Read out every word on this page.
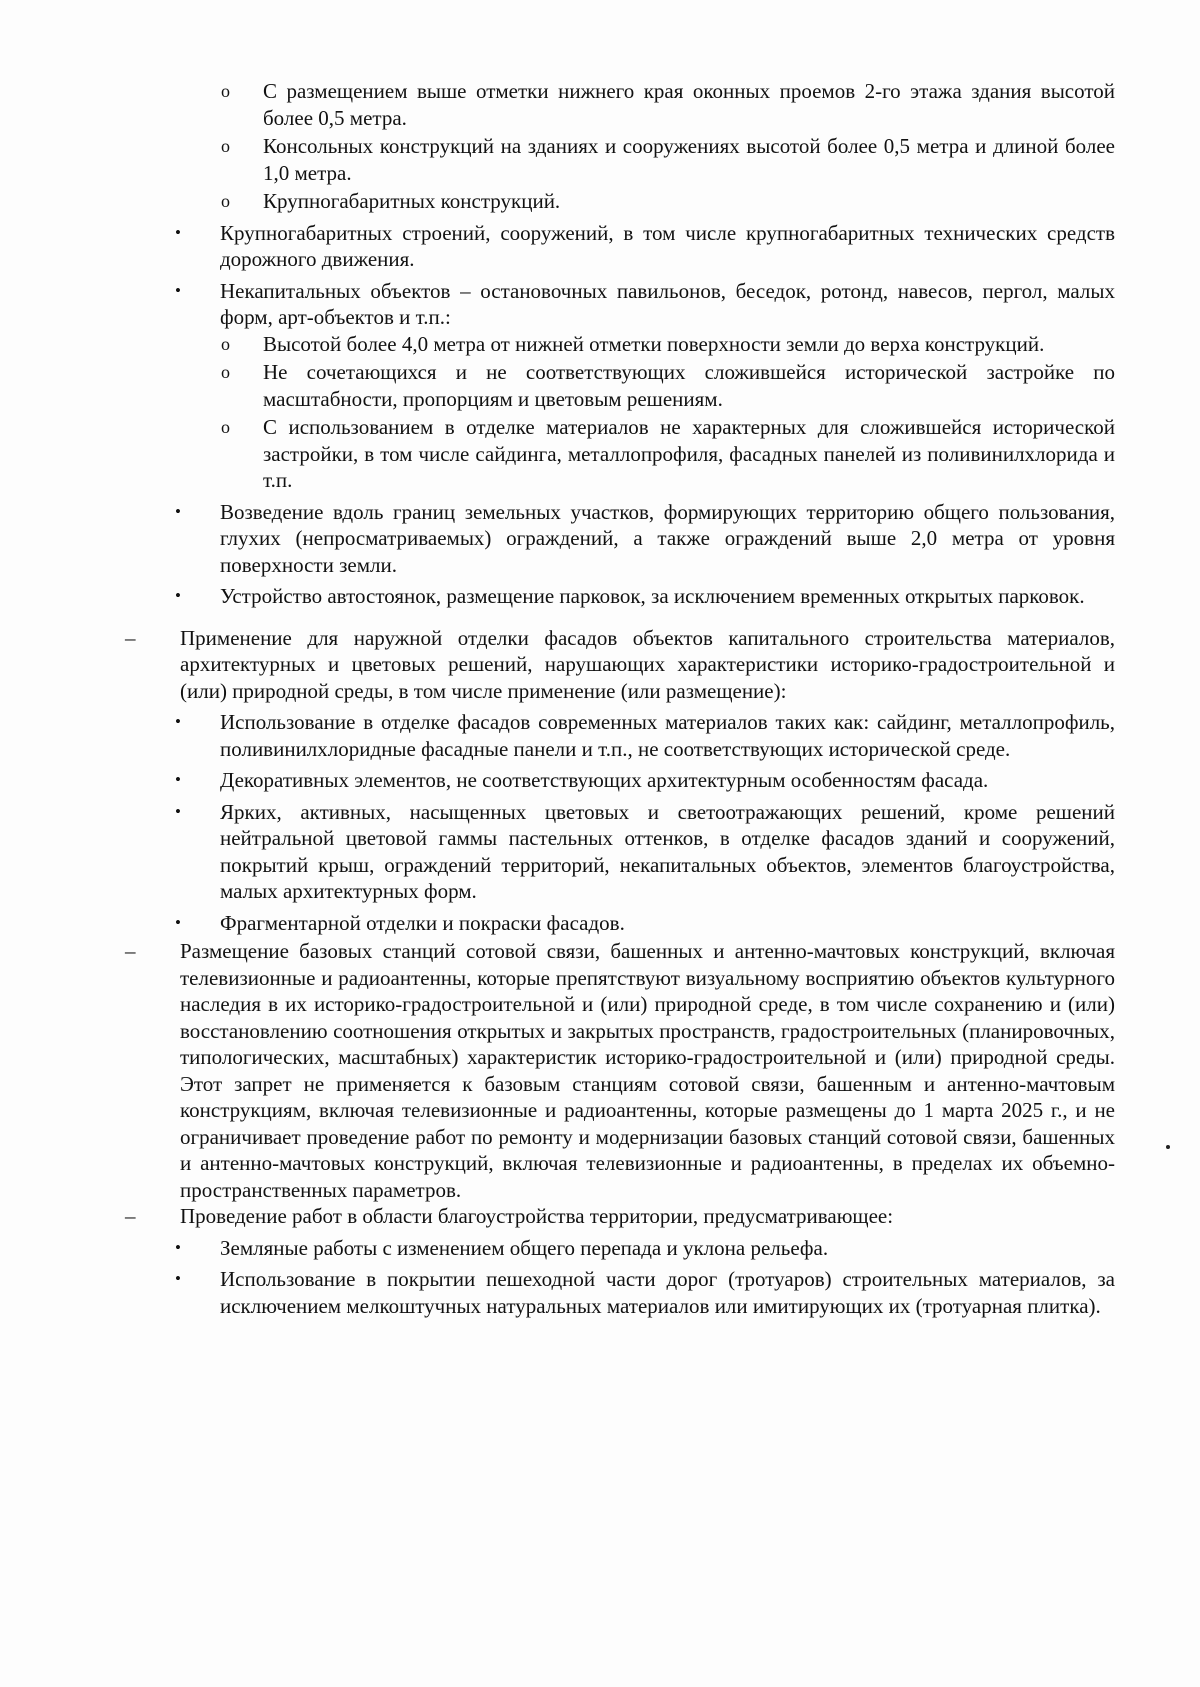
o	С размещением выше отметки нижнего края оконных проемов 2-го этажа здания высотой более 0,5 метра.

o	Консольных конструкций на зданиях и сооружениях высотой более 0,5 метра и длиной более 1,0 метра.

o	Крупногабаритных конструкций.

•	Крупногабаритных строений, сооружений, в том числе крупногабаритных технических средств дорожного движения.

•	Некапитальных объектов – остановочных павильонов, беседок, ротонд, навесов, пергол, малых форм, арт-объектов и т.п.:

o	Высотой более 4,0 метра от нижней отметки поверхности земли до верха конструкций.

o	Не сочетающихся и не соответствующих сложившейся исторической застройке по масштабности, пропорциям и цветовым решениям.

o	С использованием в отделке материалов не характерных для сложившейся исторической застройки, в том числе сайдинга, металлопрофиля, фасадных панелей из поливинилхлорида и т.п.

•	Возведение вдоль границ земельных участков, формирующих территорию общего пользования, глухих (непросматриваемых) ограждений, а также ограждений выше 2,0 метра от уровня поверхности земли.

•	Устройство автостоянок, размещение парковок, за исключением временных открытых парковок.

– Применение для наружной отделки фасадов объектов капитального строительства материалов, архитектурных и цветовых решений, нарушающих характеристики историко-градостроительной и (или) природной среды, в том числе применение (или размещение):

•	Использование в отделке фасадов современных материалов таких как: сайдинг, металлопрофиль, поливинилхлоридные фасадные панели и т.п., не соответствующих исторической среде.

•	Декоративных элементов, не соответствующих архитектурным особенностям фасада.

•	Ярких, активных, насыщенных цветовых и светоотражающих решений, кроме решений нейтральной цветовой гаммы пастельных оттенков, в отделке фасадов зданий и сооружений, покрытий крыш, ограждений территорий, некапитальных объектов, элементов благоустройства, малых архитектурных форм.

•	Фрагментарной отделки и покраски фасадов.

– Размещение базовых станций сотовой связи, башенных и антенно-мачтовых конструкций, включая телевизионные и радиоантенны, которые препятствуют визуальному восприятию объектов культурного наследия в их историко-градостроительной и (или) природной среде, в том числе сохранению и (или) восстановлению соотношения открытых и закрытых пространств, градостроительных (планировочных, типологических, масштабных) характеристик историко-градостроительной и (или) природной среды. Этот запрет не применяется к базовым станциям сотовой связи, башенным и антенно-мачтовым конструкциям, включая телевизионные и радиоантенны, которые размещены до 1 марта 2025 г., и не ограничивает проведение работ по ремонту и модернизации базовых станций сотовой связи, башенных и антенно-мачтовых конструкций, включая телевизионные и радиоантенны, в пределах их объемно-пространственных параметров.

– Проведение работ в области благоустройства территории, предусматривающее:

•	Земляные работы с изменением общего перепада и уклона рельефа.

•	Использование в покрытии пешеходной части дорог (тротуаров) строительных материалов, за исключением мелкоштучных натуральных материалов или имитирующих их (тротуарная плитка).
